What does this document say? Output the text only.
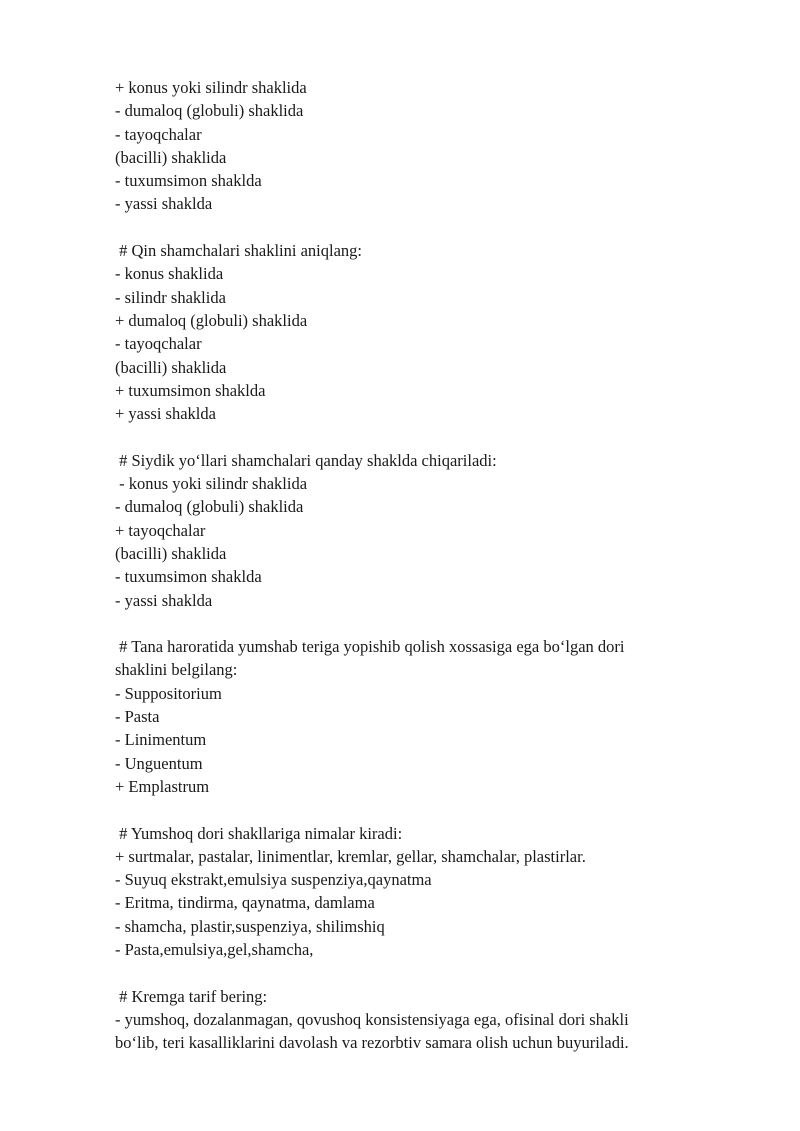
+ konus yoki silindr shaklida
- dumaloq (globuli) shaklida
- tayoqchalar
(bacilli) shaklida
- tuxumsimon shakldа
- yassi shaklda
# Qin shamchalari shaklini aniqlang:
- konus shaklida
- silindr shaklida
+ dumaloq (globuli) shaklida
- tayoqchalar
(bacilli) shaklida
+ tuxumsimon shaklda
+ yassi shaklda
# Siydik yo‘llari shamchalari qanday shaklda chiqariladi:
- konus yoki silindr shaklida
- dumaloq (globuli) shaklida
+ tayoqchalar
(bacilli) shaklida
- tuxumsimon shaklda
- yassi shaklda
# Tana haroratida yumshab teriga yopishib qolish xossasiga ega bo‘lgan dori
shaklini belgilang:
- Suppositorium
- Pasta
- Linimentum
- Unguentum
+ Emplastrum
# Yumshoq dori shakllariga nimalar kiradi:
+ surtmalar, pastalar, linimentlar, kremlar, gellar, shamchalar, plastirlar.
- Suyuq ekstrakt,emulsiya suspenziya,qaynatma
- Eritma, tindirma, qaynatma, damlama
- shamcha, plastir,suspenziya, shilimshiq
- Pasta,emulsiya,gel,shamcha,
# Kremga tarif bering:
- yumshoq, dozalanmagan, qovushoq konsistensiyaga ega, ofisinal dori shakli
bo‘lib, teri kasalliklarini davolash va rezorbtiv samara olish uchun buyuriladi.
